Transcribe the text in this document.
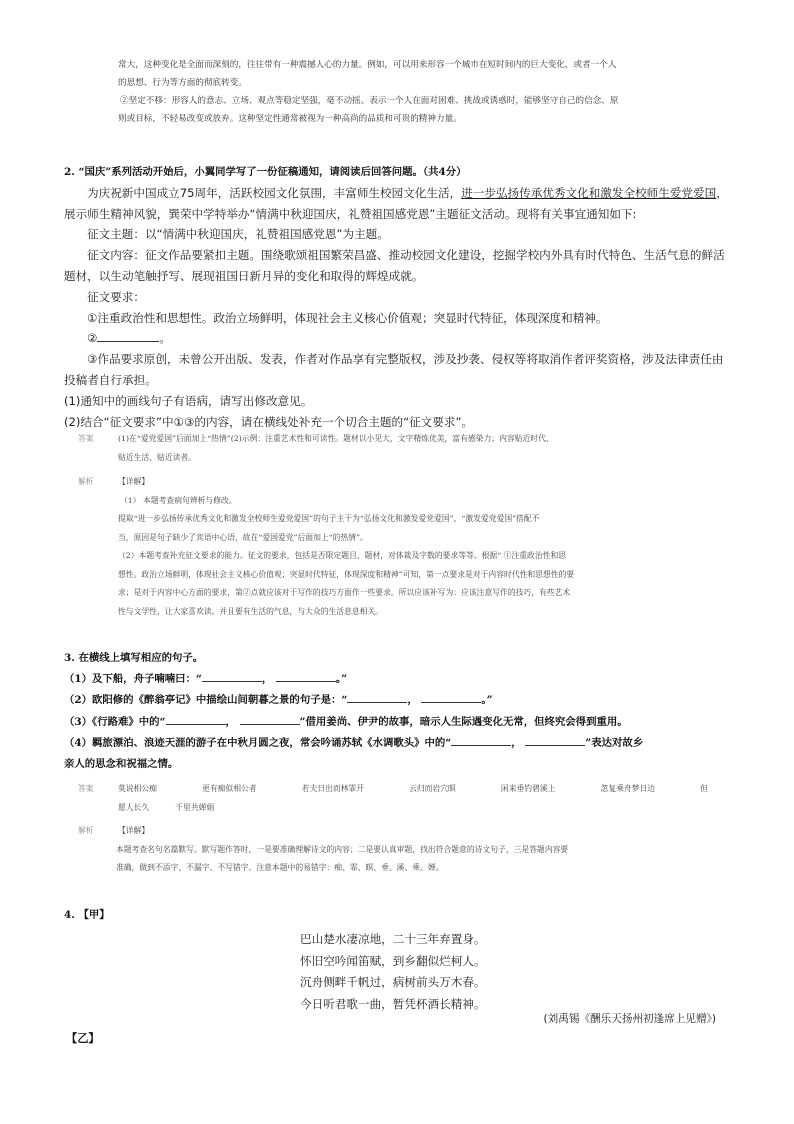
常大，这种变化是全面而深刻的，往往带有一种震撼人心的力量。例如，可以用来形容一个城市在短时间内的巨大变化，或者一个人

的思想、行为等方面的彻底转变。

②坚定不移：形容人的意志、立场、观点等稳定坚强，毫不动摇。表示一个人在面对困难、挑战或诱惑时，能够坚守自己的信念、原

则或目标，不轻易改变或放弃。这种坚定性通常被视为一种高尚的品质和可贵的精神力量。

2. “国庆”系列活动开始后，小翼同学写了一份征稿通知，请阅读后回答问题。（共4分）

为庆祝新中国成立75周年，活跃校园文化氛围，丰富师生校园文化生活，进一步弘扬传承优秀文化和激发全校师生爱党爱国，

展示师生精神风貌，巽荣中学特举办“情满中秋迎国庆，礼赞祖国感党恩”主题征文活动。现将有关事宜通知如下:

征文主题：以“情满中秋迎国庆，礼赞祖国感党恩”为主题。

征文内容：征文作品要紧扣主题。围绕歌颂祖国繁荣昌盛、推动校园文化建设，挖掘学校内外具有时代特色、生活气息的鲜活

题材，以生动笔触抒写、展现祖国日新月异的变化和取得的辉煌成就。

征文要求：

①注重政治性和思想性。政治立场鲜明，体现社会主义核心价值观；突显时代特征，体现深度和精神。

②	。

③作品要求原创，未曾公开出版、发表，作者对作品享有完整版权，涉及抄袭、侵权等将取消作者评奖资格，涉及法律责任由

投稿者自行承担。

(1)通知中的画线句子有语病，请写出修改意见。

(2)结合“征文要求”中①③的内容，请在横线处补充一个切合主题的“征文要求”。

答案	(1)在“爱党爱国”后面加上“热情”(2)示例：注重艺术性和可读性。题材以小见大，文字精炼优美，富有感染力；内容贴近时代、

贴近生活、贴近读者。

解析	【详解】

（1） 本题考查病句辨析与修改。

提取“进一步弘扬传承优秀文化和激发全校师生爱党爱国”的句子主干为“弘扬文化和激发爱党爱国”，“激发爱党爱国”搭配不

当，原因是句子缺少了宾语中心语，故在“爱国爱党”后面加上“的热情”。

（2）本题考查补充征文要求的能力。征文的要求，包括是否限定题目、题材，对体裁及字数的要求等等。根据“ ①注重政治性和思

想性。政治立场鲜明，体现社会主义核心价值观；突显时代特征，体现深度和精神”可知，第一点要求是对于内容时代性和思想性的要

求；是对于内容中心方面的要求，第②点就应该对于写作的技巧方面作一些要求。所以应该补写为：应该注意写作的技巧，有些艺术

性与文学性，让大家喜欢读。并且要有生活的气息，与大众的生活息息相关。

3. 在横线上填写相应的句子。

（1）及下船，舟子喃喃曰：“	，	。”

（2）欧阳修的《醉翁亭记》中描绘山间朝暮之景的句子是：“	，	。”

（3）《行路难》中的“	，	”借用姜尚、伊尹的故事，暗示人生际遇变化无常，但终究会得到重用。

（4）羁旅漂泊、浪迹天涯的游子在中秋月圆之夜，常会吟诵苏轼《水调歌头》中的“	，	”表达对故乡

亲人的思念和祝福之情。

答案	莫说相公痴	更有痴似相公者	若夫日出而林霏开	云归而岩穴暝	闲来垂钓碧溪上	忽复乘舟梦日边	但

愿人长久	千里共婵娟

解析	【详解】

本题考查名句名篇默写。默写题作答时，一是要准确理解诗文的内容；二是要认真审题，找出符合题意的诗文句子，三是答题内容要

准确，做到不添字、不漏字、不写错字。注意本题中的易错字：痴、霏、暝、垂、溪、乘、婵。

4. 【甲】

巴山楚水凄凉地，二十三年弃置身。

怀旧空吟闻笛赋，到乡翻似烂柯人。

沉舟侧畔千帆过，病树前头万木春。

今日听君歌一曲，暂凭杯酒长精神。

(刘禹锡《酬乐天扬州初逢席上见赠》)
【乙】
